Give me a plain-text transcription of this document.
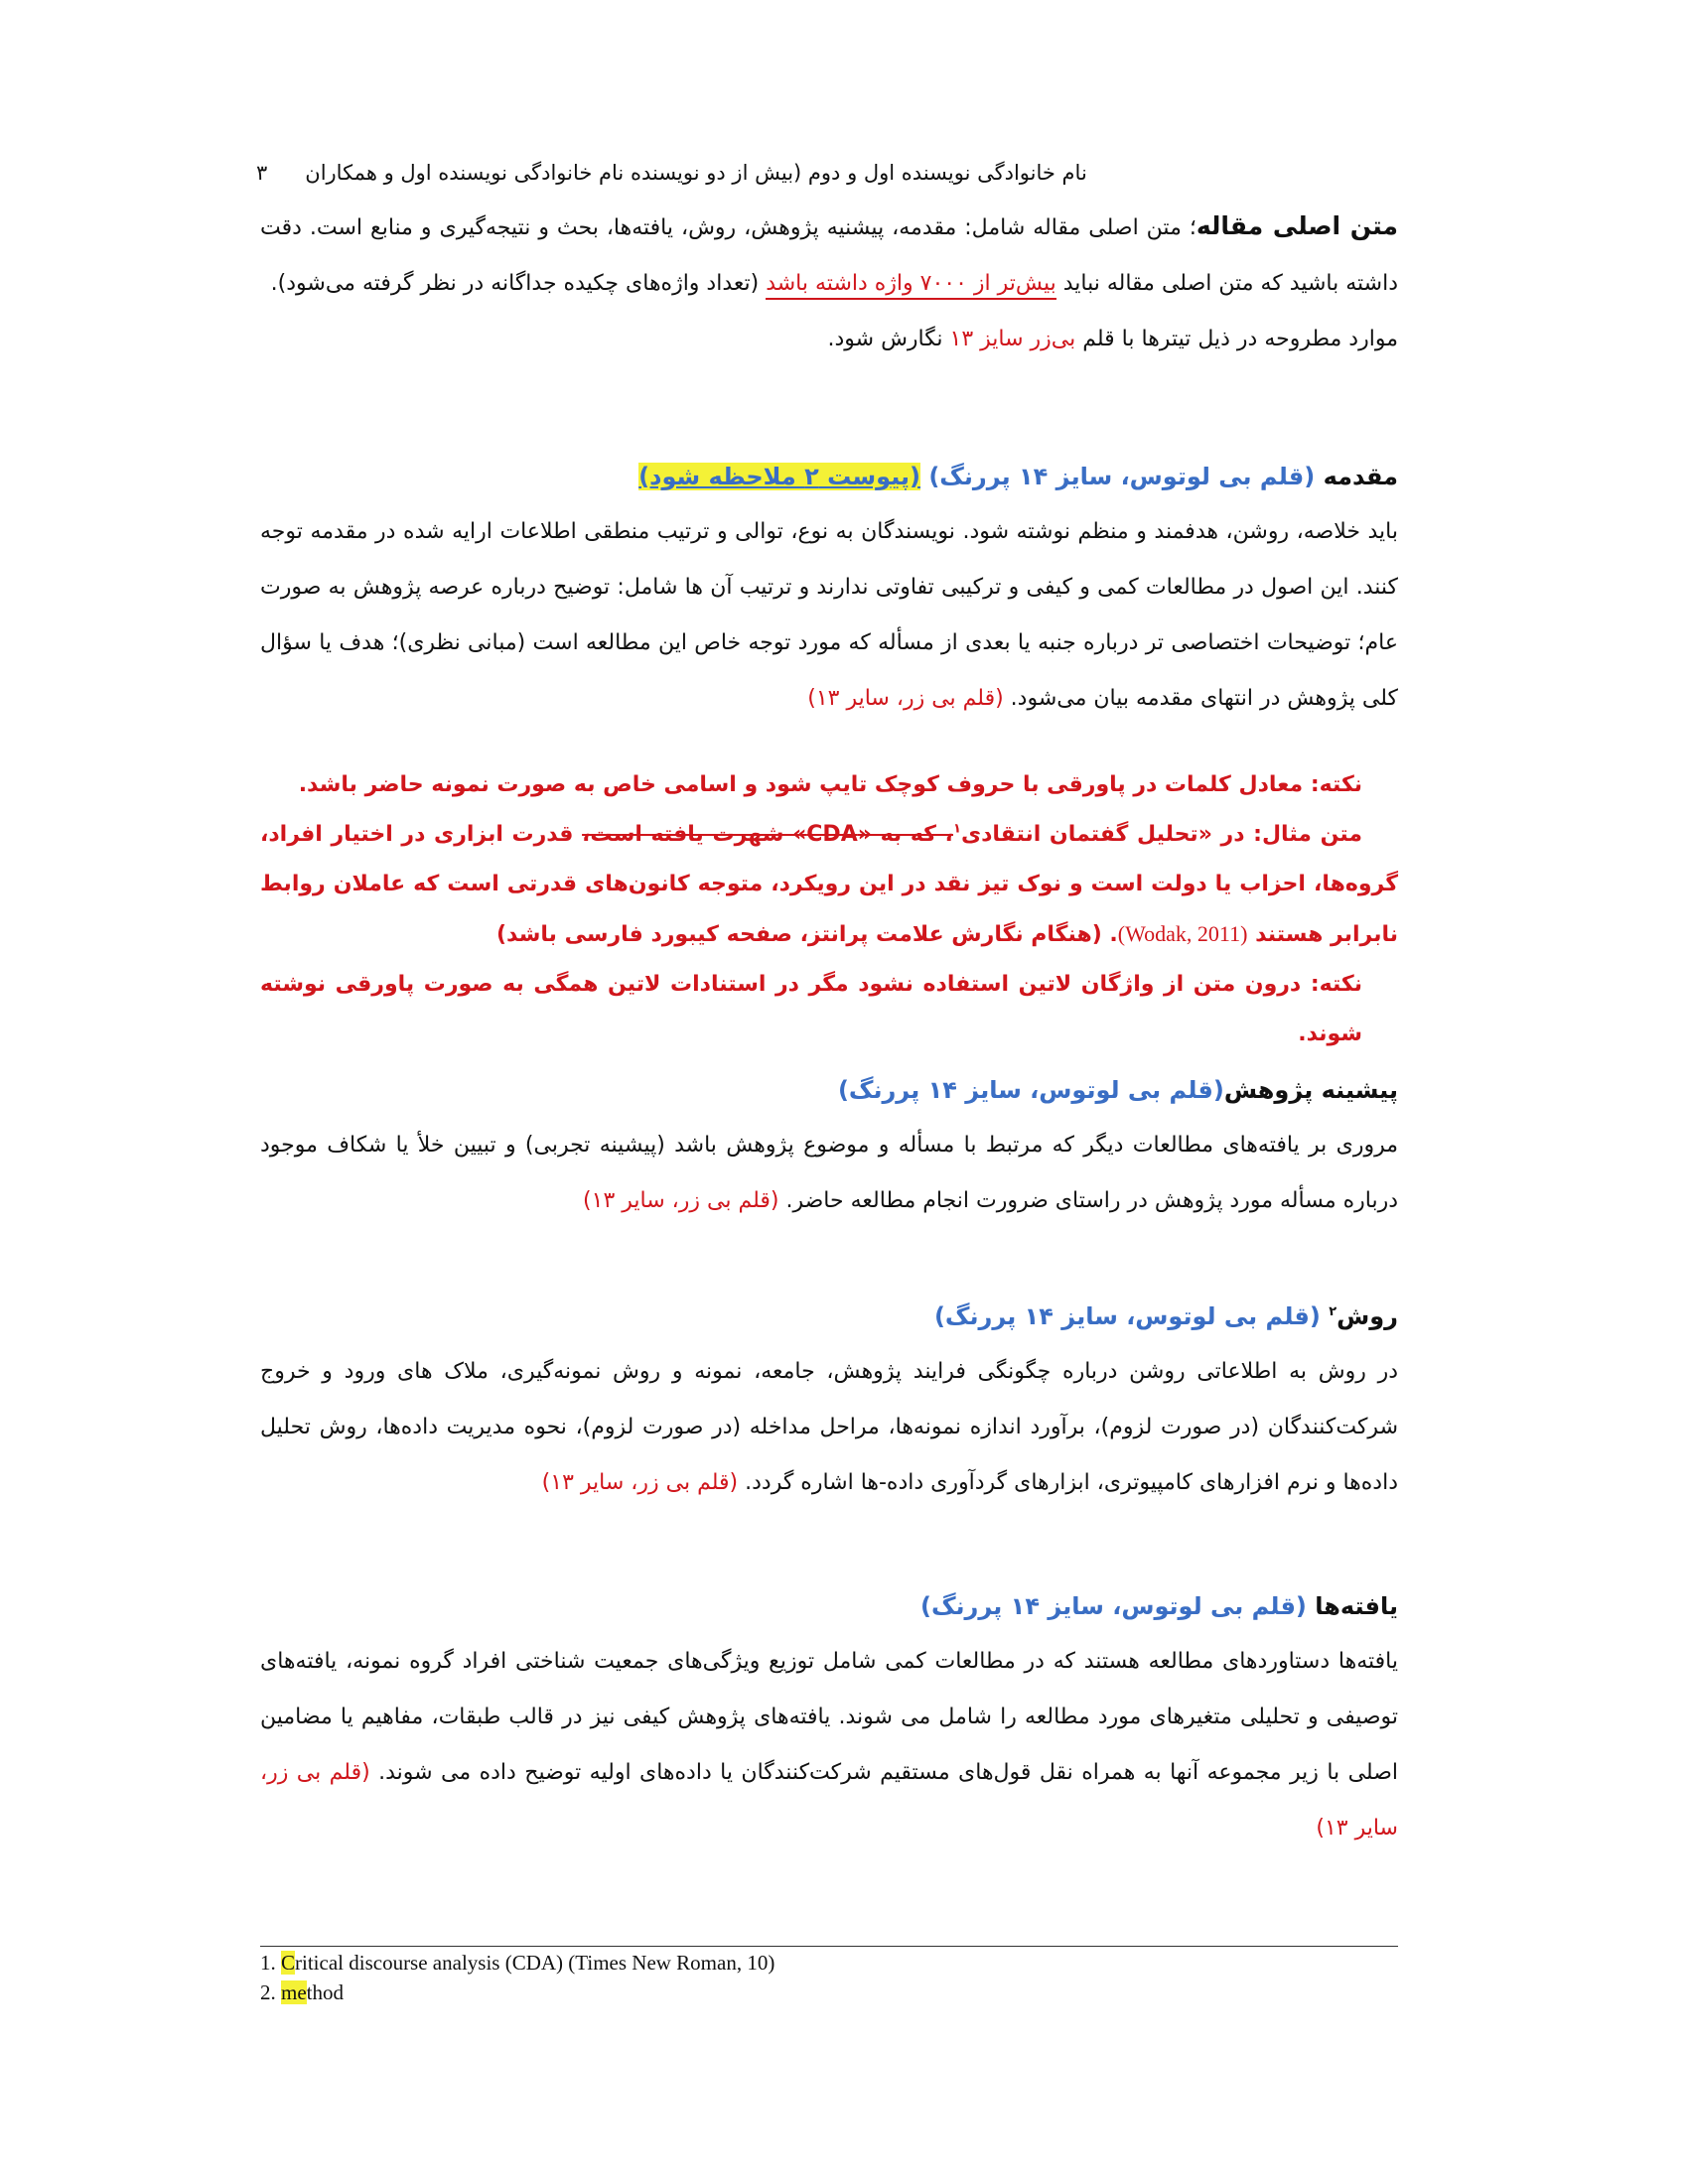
۳ نام خانوادگی نویسنده اول و دوم (بیش از دو نویسنده نام خانوادگی نویسنده اول و همکاران

متن اصلی مقاله؛ متن اصلی مقاله شامل: مقدمه، پیشنیه پژوهش، روش، یافته‌ها، بحث و نتیجه‌گیری و منابع است. دقت داشته باشید که متن اصلی مقاله نباید بیش‌تر از ۷۰۰۰ واژه داشته باشد (تعداد واژه‌های چکیده جداگانه در نظر گرفته می‌شود).

موارد مطروحه در ذیل تیترها با قلم بی‌زر سایز ۱۳ نگارش شود.

مقدمه (قلم بی لوتوس، سایز ۱۴ پررنگ) (پیوست ۲ ملاحظه شود)

باید خلاصه، روشن، هدفمند و منظم نوشته شود. نویسندگان به نوع، توالی و ترتیب منطقی اطلاعات ارایه شده در مقدمه توجه کنند. این اصول در مطالعات کمی و کیفی و ترکیبی تفاوتی ندارند و ترتیب آن ها شامل: توضیح درباره عرصه پژوهش به صورت عام؛ توضیحات اختصاصی تر درباره جنبه یا بعدی از مسأله که مورد توجه خاص این مطالعه است (مبانی نظری)؛ هدف یا سؤال کلی پژوهش در انتهای مقدمه بیان می‌شود. (قلم بی زر، سایر ۱۳)

نکته: معادل کلمات در پاورقی با حروف کوچک تایپ شود و اسامی خاص به صورت نمونه حاضر باشد.

متن مثال: در «تحلیل گفتمان انتقادی$^۱$، که به «CDA» شهرت یافته است، قدرت ابزاری در اختیار افراد، گروه‌ها، احزاب یا دولت است و نوک تیز نقد در این رویکرد، متوجه کانون‌های قدرتی است که عاملان روابط نابرابر هستند (Wodak, 2011). (هنگام نگارش علامت پرانتز، صفحه کیبورد فارسی باشد)

نکته: درون متن از واژگان لاتین استفاده نشود مگر در استنادات لاتین همگی به صورت پاورقی نوشته شوند.

پیشینه پژوهش(قلم بی لوتوس، سایز ۱۴ پررنگ)

مروری بر یافته‌های مطالعات دیگر که مرتبط با مسأله و موضوع پژوهش باشد (پیشینه تجربی) و تبیین خلأ یا شکاف موجود درباره مسأله مورد پژوهش در راستای ضرورت انجام مطالعه حاضر. (قلم بی زر، سایر ۱۳)

روش$^۲$ (قلم بی لوتوس، سایز ۱۴ پررنگ)

در روش به اطلاعاتی روشن درباره چگونگی فرایند پژوهش، جامعه، نمونه و روش نمونه‌گیری، ملاک های ورود و خروج شرکت‌کنندگان (در صورت لزوم)، برآورد اندازه نمونه‌ها، مراحل مداخله (در صورت لزوم)، نحوه مدیریت داده‌ها، روش تحلیل داده‌ها و نرم افزارهای کامپیوتری، ابزارهای گردآوری داده-ها اشاره گردد. (قلم بی زر، سایر ۱۳)

یافته‌ها (قلم بی لوتوس، سایز ۱۴ پررنگ)

یافته‌ها دستاوردهای مطالعه هستند که در مطالعات کمی شامل توزیع ویژگی‌های جمعیت شناختی افراد گروه نمونه، یافته‌های توصیفی و تحلیلی متغیرهای مورد مطالعه را شامل می شوند. یافته‌های پژوهش کیفی نیز در قالب طبقات، مفاهیم یا مضامین اصلی با زیر مجموعه آنها به همراه نقل قول‌های مستقیم شرکت‌کنندگان یا داده‌های اولیه توضیح داده می شوند. (قلم بی زر، سایر ۱۳)

1. Critical discourse analysis (CDA) (Times New Roman, 10)

2. method
